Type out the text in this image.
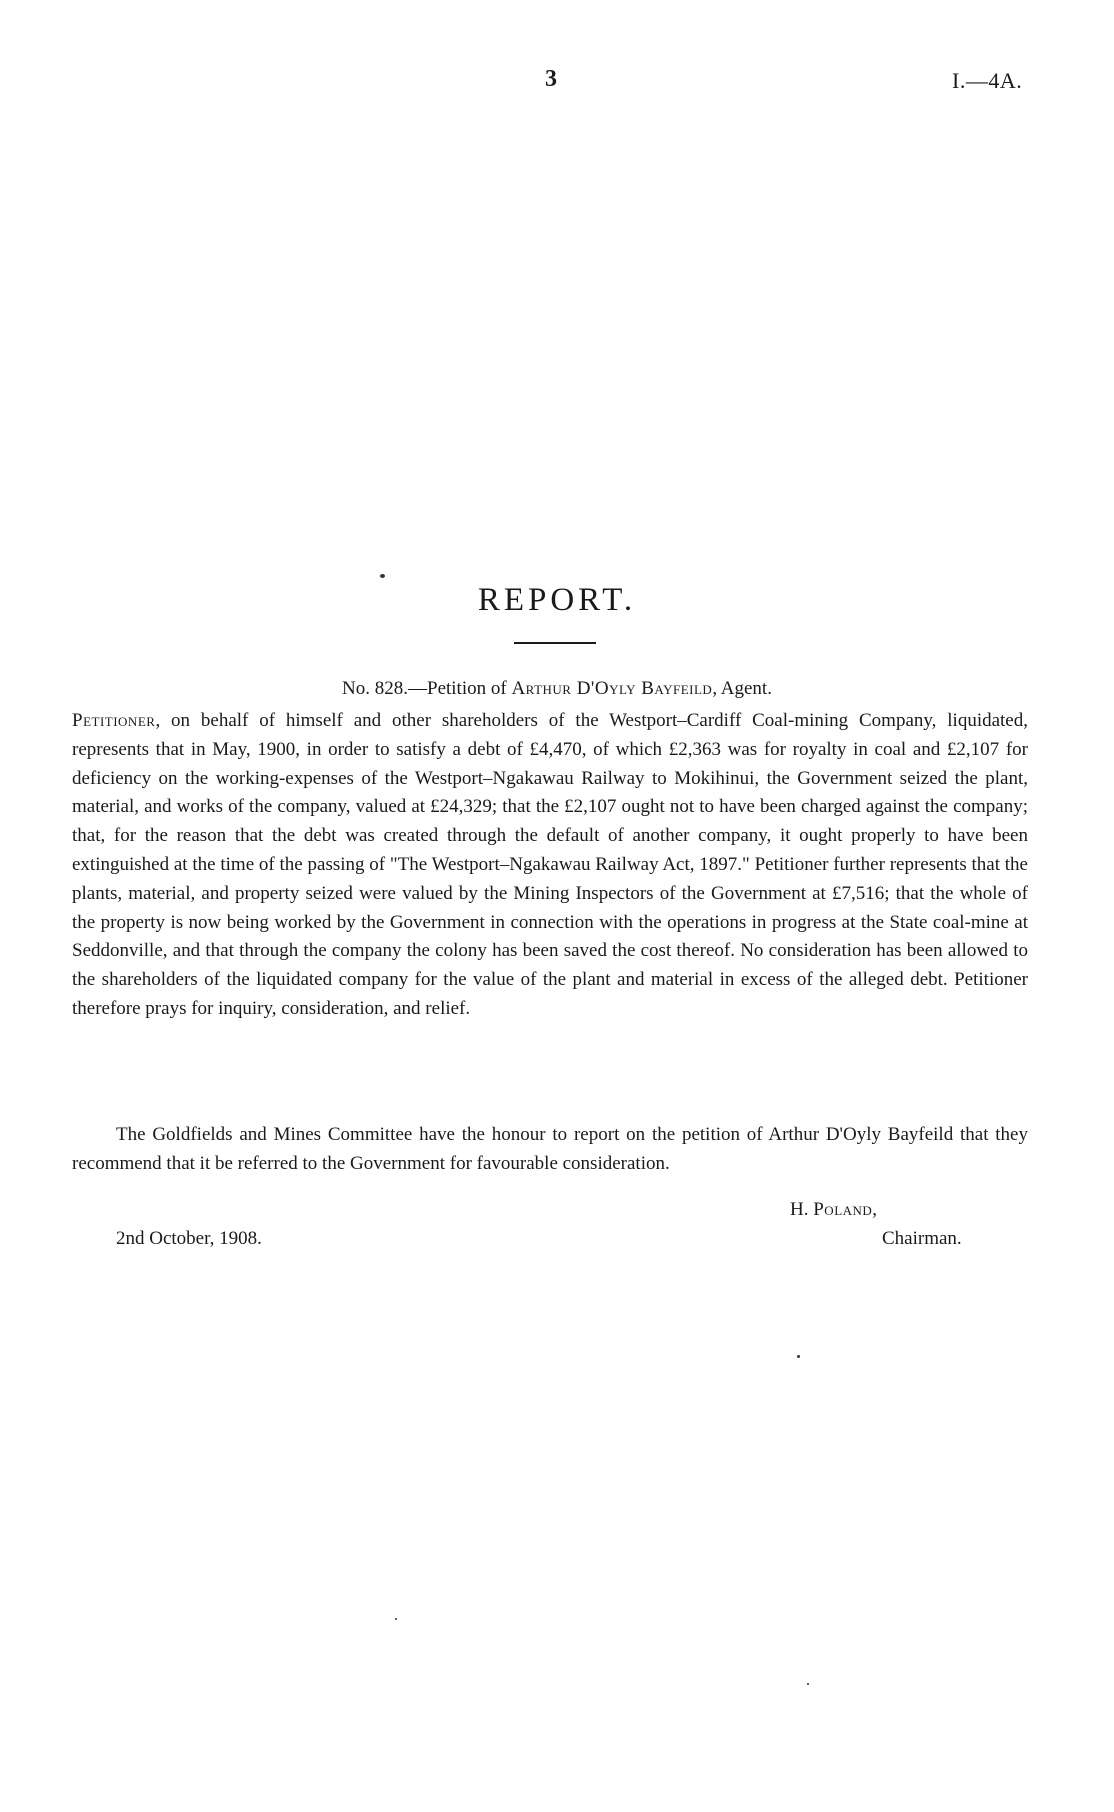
3	I.—4A.
REPORT.
No. 828.—Petition of Arthur D'Oyly Bayfeild, Agent.

Petitioner, on behalf of himself and other shareholders of the Westport–Cardiff Coal-mining Company, liquidated, represents that in May, 1900, in order to satisfy a debt of £4,470, of which £2,363 was for royalty in coal and £2,107 for deficiency on the working-expenses of the Westport–Ngakawau Railway to Mokihinui, the Government seized the plant, material, and works of the company, valued at £24,329; that the £2,107 ought not to have been charged against the company; that, for the reason that the debt was created through the default of another company, it ought properly to have been extinguished at the time of the passing of "The Westport–Ngakawau Railway Act, 1897." Petitioner further represents that the plants, material, and property seized were valued by the Mining Inspectors of the Government at £7,516; that the whole of the property is now being worked by the Government in connection with the operations in progress at the State coal-mine at Seddonville, and that through the company the colony has been saved the cost thereof. No consideration has been allowed to the shareholders of the liquidated company for the value of the plant and material in excess of the alleged debt. Petitioner therefore prays for inquiry, consideration, and relief.

The Goldfields and Mines Committee have the honour to report on the petition of Arthur D'Oyly Bayfeild that they recommend that it be referred to the Government for favourable consideration.

H. Poland,
2nd October, 1908.	Chairman.
